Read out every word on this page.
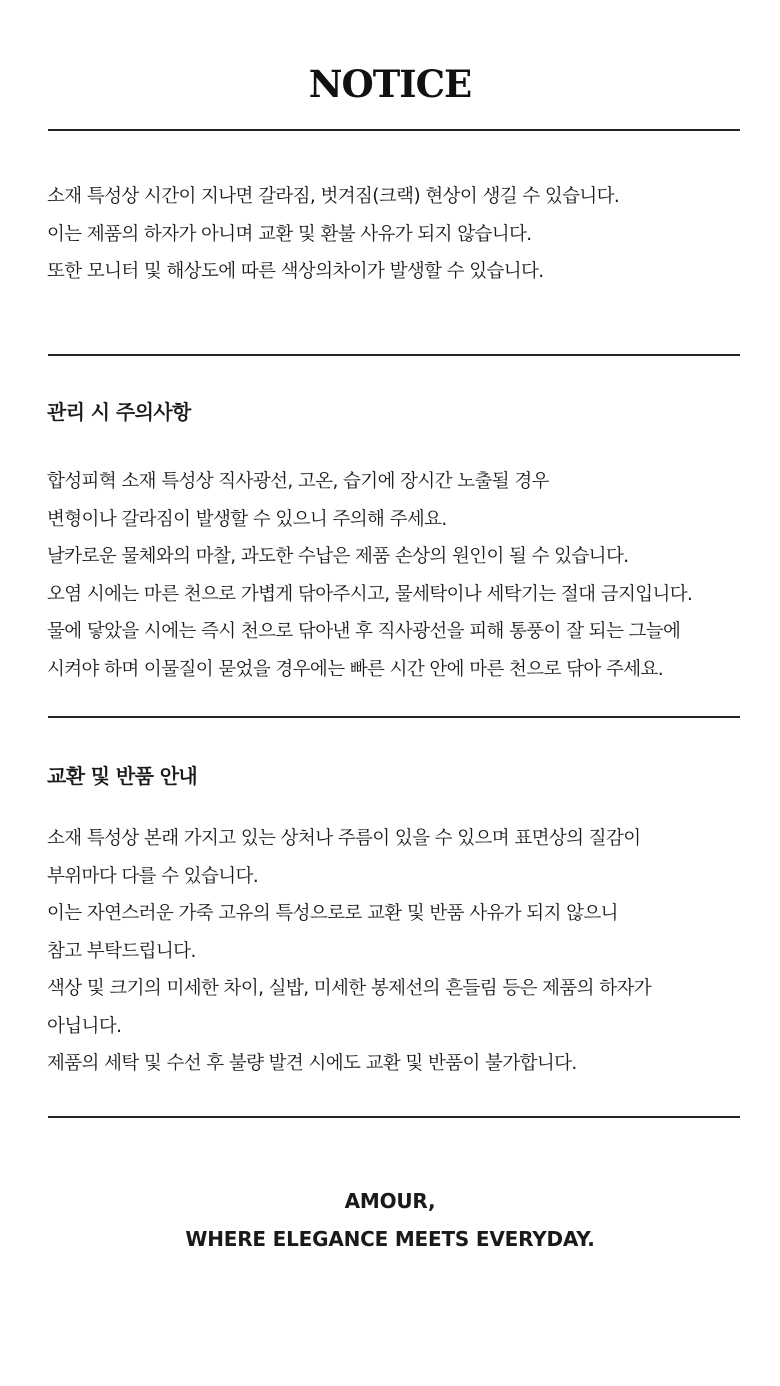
NOTICE
소재 특성상 시간이 지나면 갈라짐, 벗겨짐(크랙) 현상이 생길 수 있습니다.
이는 제품의 하자가 아니며 교환 및 환불 사유가 되지 않습니다.
또한 모니터 및 해상도에 따른 색상의차이가 발생할 수 있습니다.
관리 시 주의사항
합성피혁 소재 특성상 직사광선, 고온, 습기에 장시간 노출될 경우
변형이나 갈라짐이 발생할 수 있으니 주의해 주세요.
날카로운 물체와의 마찰, 과도한 수납은 제품 손상의 원인이 될 수 있습니다.
오염 시에는 마른 천으로 가볍게 닦아주시고, 물세탁이나 세탁기는 절대 금지입니다.
물에 닿았을 시에는 즉시 천으로 닦아낸 후 직사광선을 피해 통풍이 잘 되는 그늘에
시켜야 하며 이물질이 묻었을 경우에는 빠른 시간 안에 마른 천으로 닦아 주세요.
교환 및 반품 안내
소재 특성상 본래 가지고 있는 상처나 주름이 있을 수 있으며 표면상의 질감이
부위마다 다를 수 있습니다.
이는 자연스러운 가죽 고유의 특성으로로 교환 및 반품 사유가 되지 않으니
참고 부탁드립니다.
색상 및 크기의 미세한 차이, 실밥, 미세한 봉제선의 흔들림 등은 제품의 하자가
아닙니다.
제품의 세탁 및 수선 후 불량 발견 시에도 교환 및 반품이 불가합니다.
AMOUR,
WHERE ELEGANCE MEETS EVERYDAY.
